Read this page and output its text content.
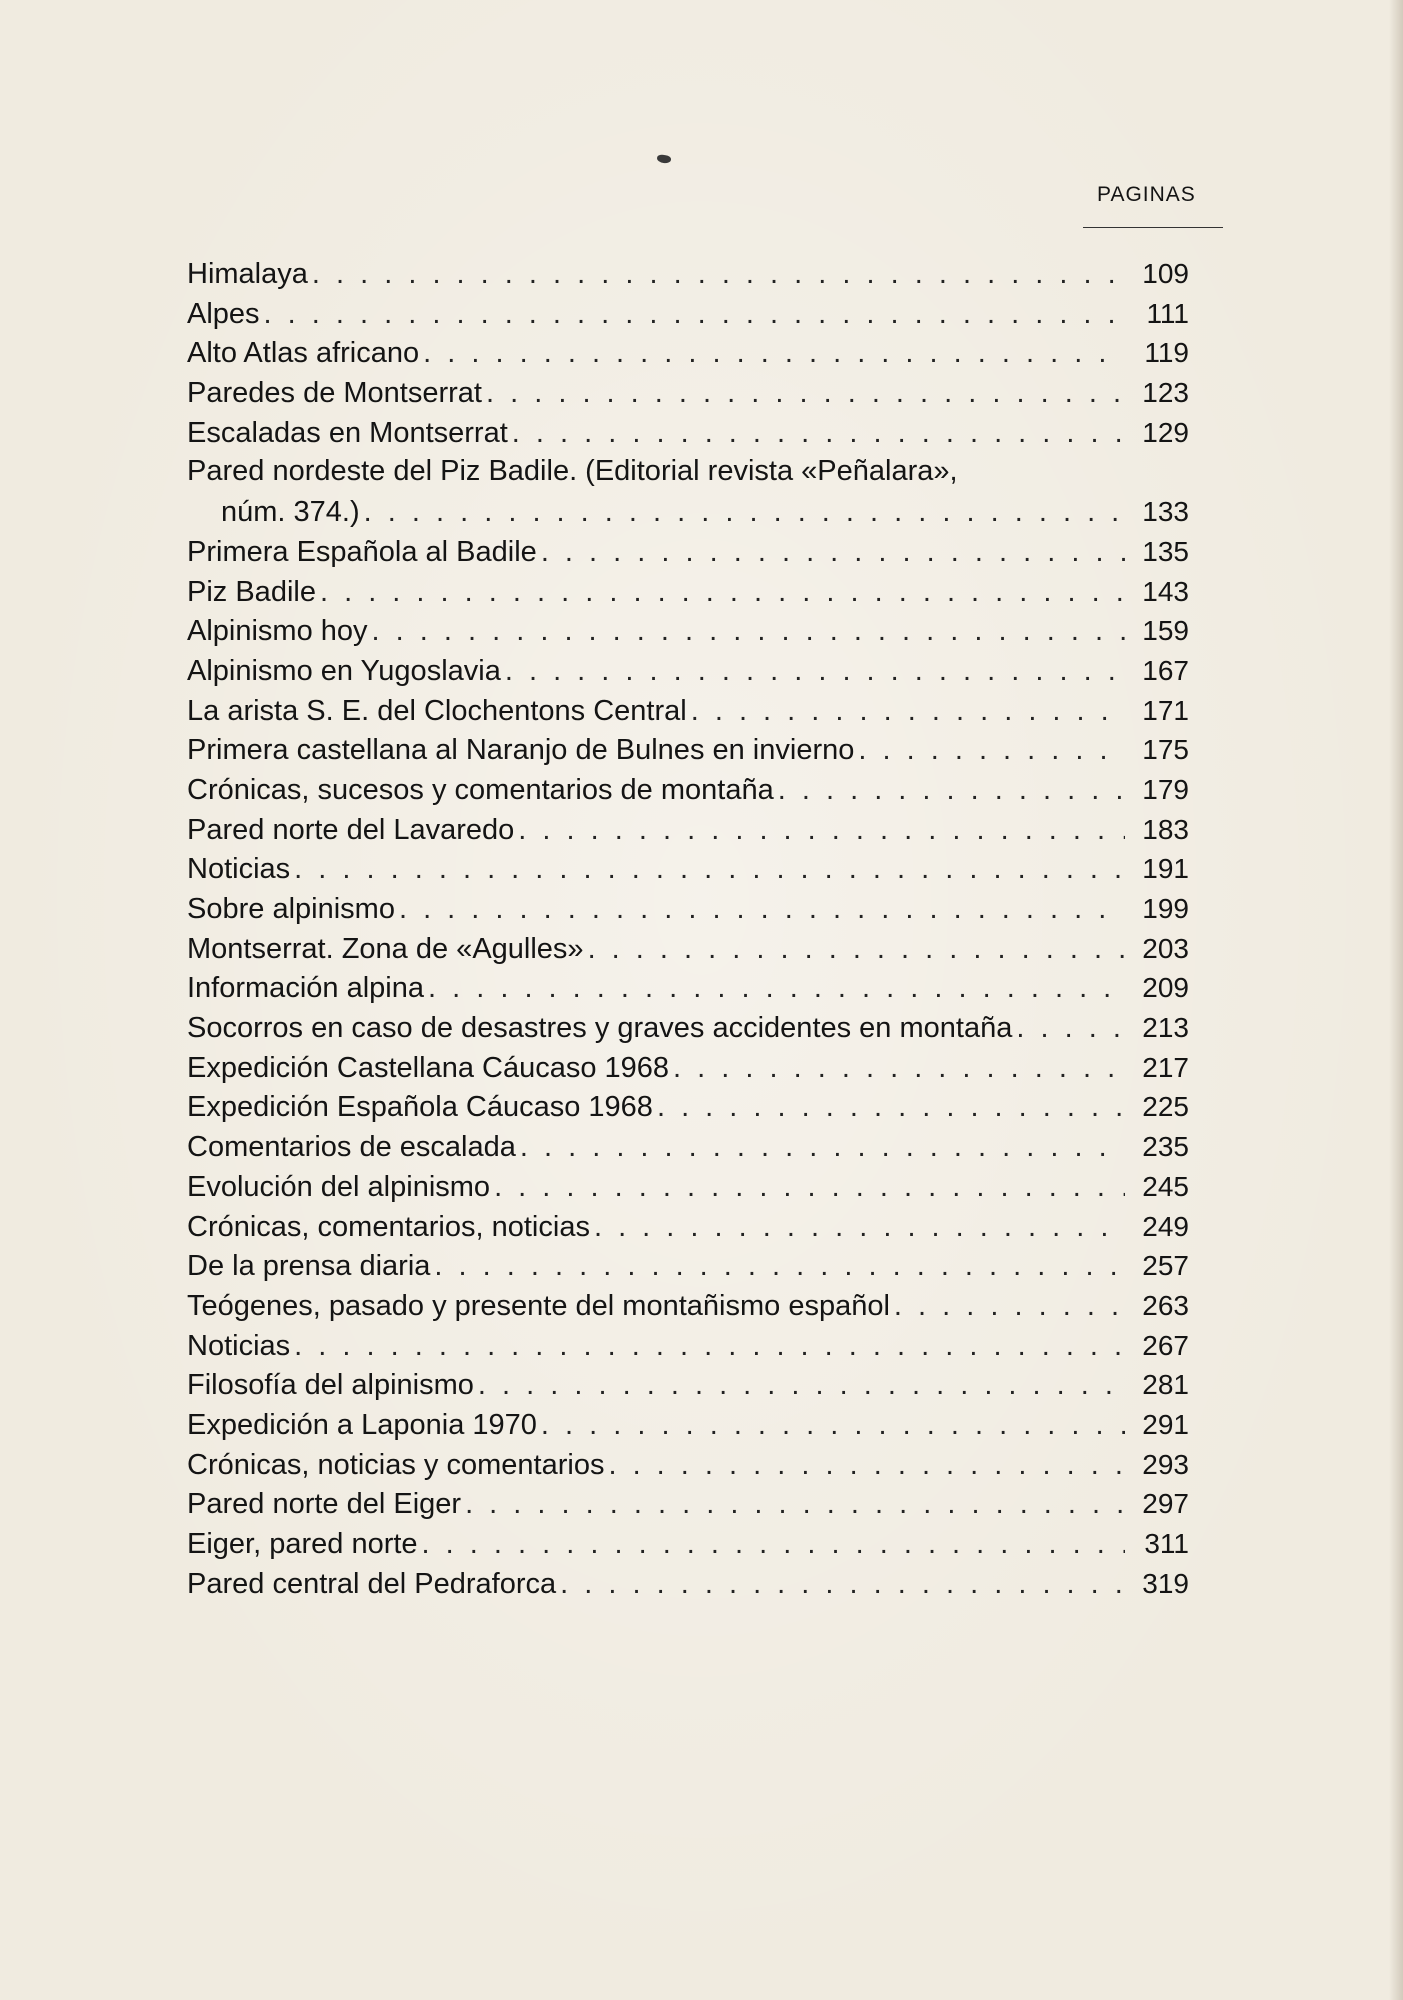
PAGINAS
Himalaya . . .	109
Alpes . . .	111
Alto Atlas africano . . .	119
Paredes de Montserrat . . .	123
Escaladas en Montserrat . . .	129
Pared nordeste del Piz Badile. (Editorial revista «Peñalara»,
núm. 374.) . . .	133
Primera Española al Badile . . .	135
Piz Badile . . .	143
Alpinismo hoy . . .	159
Alpinismo en Yugoslavia . . .	167
La arista S. E. del Clochentons Central . . .	171
Primera castellana al Naranjo de Bulnes en invierno . . .	175
Crónicas, sucesos y comentarios de montaña . . .	179
Pared norte del Lavaredo . . .	183
Noticias . . .	191
Sobre alpinismo . . .	199
Montserrat. Zona de «Agulles» . . .	203
Información alpina . . .	209
Socorros en caso de desastres y graves accidentes en montaña . . .	213
Expedición Castellana Cáucaso 1968 . . .	217
Expedición Española Cáucaso 1968 . . .	225
Comentarios de escalada . . .	235
Evolución del alpinismo . . .	245
Crónicas, comentarios, noticias . . .	249
De la prensa diaria . . .	257
Teógenes, pasado y presente del montañismo español . . .	263
Noticias . . .	267
Filosofía del alpinismo . . .	281
Expedición a Laponia 1970 . . .	291
Crónicas, noticias y comentarios . . .	293
Pared norte del Eiger . . .	297
Eiger, pared norte . . .	311
Pared central del Pedraforca . . .	319
